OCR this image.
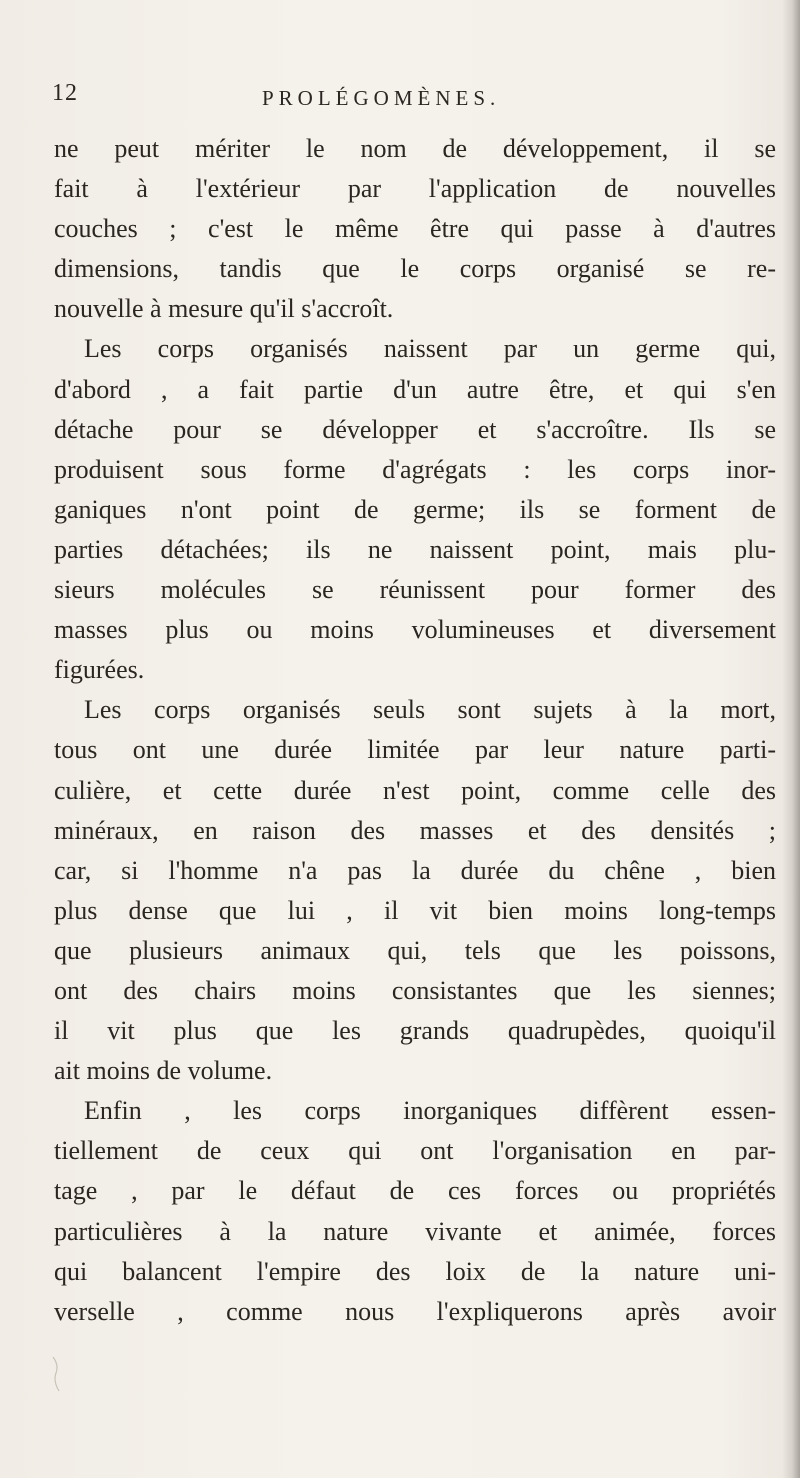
12	PROLÉGOMÈNES.
ne peut mériter le nom de développement, il se
fait à l'extérieur par l'application de nouvelles
couches ; c'est le même être qui passe à d'autres
dimensions, tandis que le corps organisé se re-
nouvelle à mesure qu'il s'accroît.
Les corps organisés naissent par un germe qui,
d'abord , a fait partie d'un autre être, et qui s'en
détache pour se développer et s'accroître. Ils se
produisent sous forme d'agrégats : les corps inor-
ganiques n'ont point de germe; ils se forment de
parties détachées; ils ne naissent point, mais plu-
sieurs molécules se réunissent pour former des
masses plus ou moins volumineuses et diversement
figurées.
Les corps organisés seuls sont sujets à la mort,
tous ont une durée limitée par leur nature parti-
culière, et cette durée n'est point, comme celle des
minéraux, en raison des masses et des densités ;
car, si l'homme n'a pas la durée du chêne , bien
plus dense que lui , il vit bien moins long-temps
que plusieurs animaux qui, tels que les poissons,
ont des chairs moins consistantes que les siennes;
il vit plus que les grands quadrupèdes, quoiqu'il
ait moins de volume.
Enfin , les corps inorganiques diffèrent essen-
tiellement de ceux qui ont l'organisation en par-
tage , par le défaut de ces forces ou propriétés
particulières à la nature vivante et animée, forces
qui balancent l'empire des loix de la nature uni-
verselle , comme nous l'expliquerons après avoir
